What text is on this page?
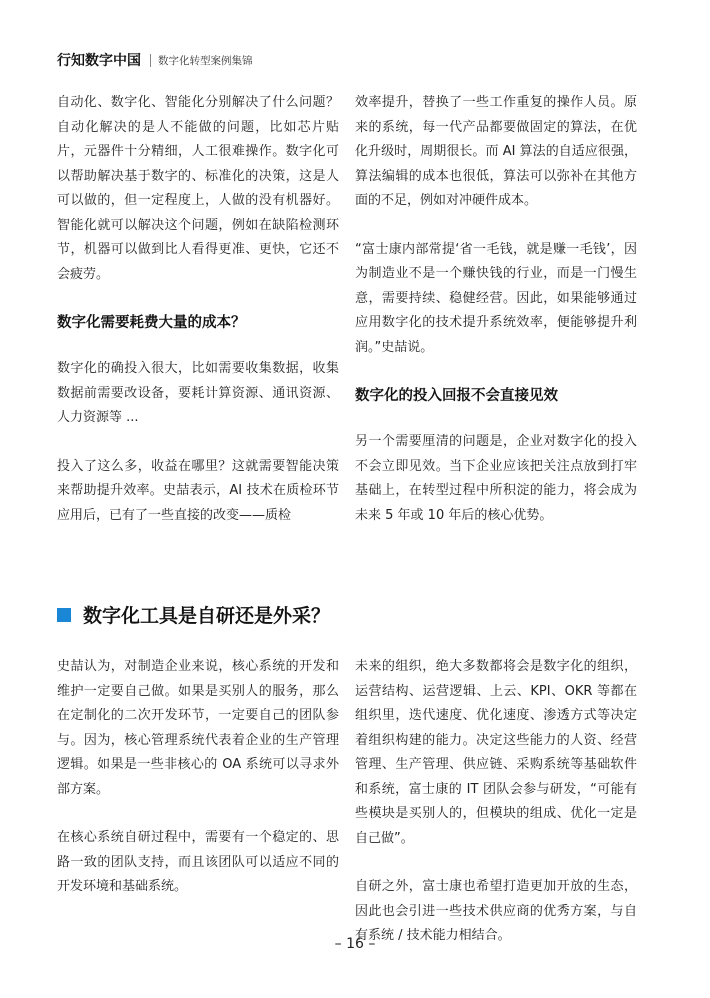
行知数字中国 数字化转型案例集锦

自动化、数字化、智能化分别解决了什么问题？自动化解决的是人不能做的问题，比如芯片贴片，元器件十分精细，人工很难操作。数字化可以帮助解决基于数字的、标准化的决策，这是人可以做的，但一定程度上，人做的没有机器好。智能化就可以解决这个问题，例如在缺陷检测环节，机器可以做到比人看得更准、更快，它还不会疲劳。

数字化需要耗费大量的成本？

数字化的确投入很大，比如需要收集数据，收集数据前需要改设备，要耗计算资源、通讯资源、人力资源等 ...

投入了这么多，收益在哪里？这就需要智能决策来帮助提升效率。史喆表示，AI 技术在质检环节应用后，已有了一些直接的改变——质检

效率提升，替换了一些工作重复的操作人员。原来的系统，每一代产品都要做固定的算法，在优化升级时，周期很长。而 AI 算法的自适应很强，算法编辑的成本也很低，算法可以弥补在其他方面的不足，例如对冲硬件成本。

“富士康内部常提‘省一毛钱，就是赚一毛钱’，因为制造业不是一个赚快钱的行业，而是一门慢生意，需要持续、稳健经营。因此，如果能够通过应用数字化的技术提升系统效率，便能够提升利润。”史喆说。

数字化的投入回报不会直接见效

另一个需要厘清的问题是，企业对数字化的投入不会立即见效。当下企业应该把关注点放到打牢基础上，在转型过程中所积淀的能力，将会成为未来 5 年或 10 年后的核心优势。

数字化工具是自研还是外采？

史喆认为，对制造企业来说，核心系统的开发和维护一定要自己做。如果是买别人的服务，那么在定制化的二次开发环节，一定要自己的团队参与。因为，核心管理系统代表着企业的生产管理逻辑。如果是一些非核心的 OA 系统可以寻求外部方案。

在核心系统自研过程中，需要有一个稳定的、思路一致的团队支持，而且该团队可以适应不同的开发环境和基础系统。

未来的组织，绝大多数都将会是数字化的组织，运营结构、运营逻辑、上云、KPI、OKR 等都在组织里，迭代速度、优化速度、渗透方式等决定着组织构建的能力。决定这些能力的人资、经营管理、生产管理、供应链、采购系统等基础软件和系统，富士康的 IT 团队会参与研发，“可能有些模块是买别人的，但模块的组成、优化一定是自己做”。

自研之外，富士康也希望打造更加开放的生态，因此也会引进一些技术供应商的优秀方案，与自有系统 / 技术能力相结合。

– 16 –
